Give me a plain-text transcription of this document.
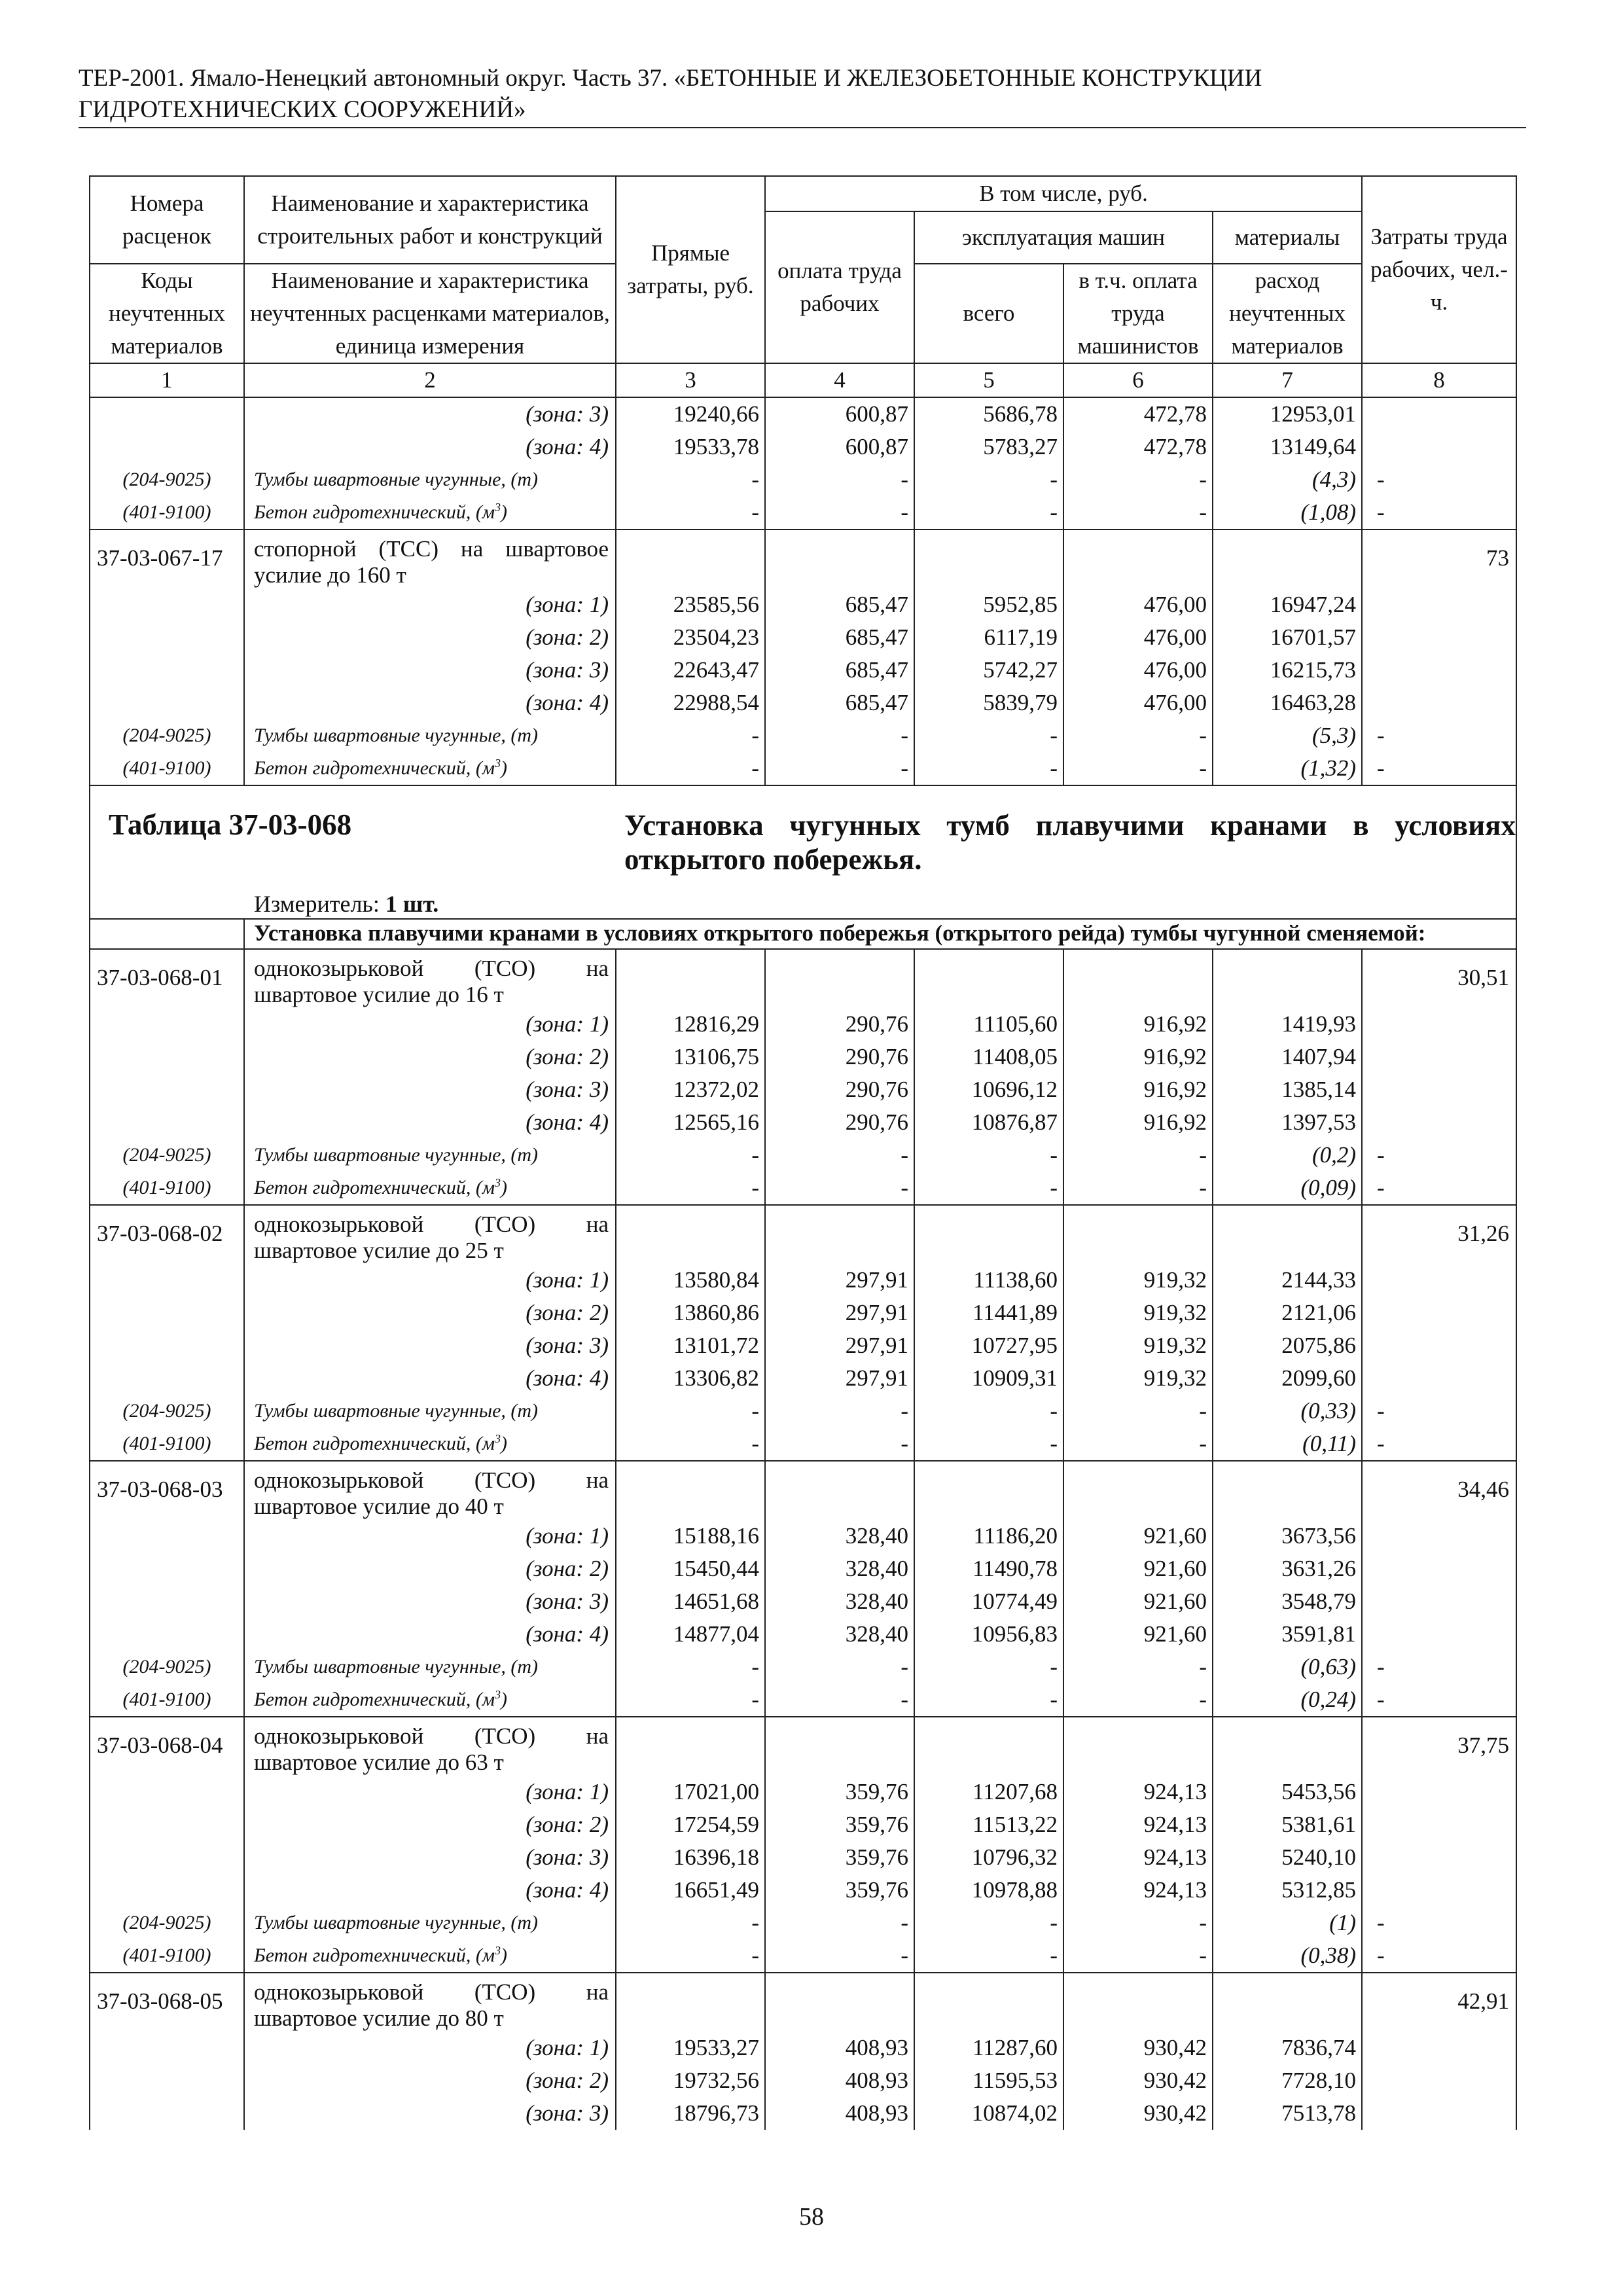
ТЕР-2001. Ямало-Ненецкий автономный округ. Часть 37. «БЕТОННЫЕ И ЖЕЛЕЗОБЕТОННЫЕ КОНСТРУКЦИИ
ГИДРОТЕХНИЧЕСКИХ СООРУЖЕНИЙ»
Номера расценок	Наименование и характеристика строительных работ и конструкций	Прямые затраты, руб.	В том числе, руб.				Затраты труда рабочих, чел.-ч.
			оплата труда рабочих	эксплуатация машин		материалы	
Коды неучтенных материалов	Наименование и характеристика неучтенных расценками материалов, единица измерения			всего	в т.ч. оплата труда машинистов	расход неучтенных материалов	
1	2	3	4	5	6	7	8
	(зона: 3)	19240,66	600,87	5686,78	472,78	12953,01	
	(зона: 4)	19533,78	600,87	5783,27	472,78	13149,64	
(204-9025)	Тумбы швартовные чугунные, (т)	-	-	-	-	(4,3)	-
(401-9100)	Бетон гидротехнический, $(м^3)$	-	-	-	-	(1,08)	-
37-03-067-17	стопорной (ТСС) на швартовое усилие до 160 т						73
	(зона: 1)	23585,56	685,47	5952,85	476,00	16947,24	
	(зона: 2)	23504,23	685,47	6117,19	476,00	16701,57	
	(зона: 3)	22643,47	685,47	5742,27	476,00	16215,73	
	(зона: 4)	22988,54	685,47	5839,79	476,00	16463,28	
(204-9025)	Тумбы швартовные чугунные, (т)	-	-	-	-	(5,3)	-
(401-9100)	Бетон гидротехнический, $(м^3)$	-	-	-	-	(1,32)	-

Таблица 37-03-068 Установка чугунных тумб плавучими кранами в условиях открытого побережья.
Измеритель: 1 шт.							

	Установка плавучими кранами в условиях открытого побережья (открытого рейда) тумбы чугунной сменяемой:						
37-03-068-01	однокозырьковой (ТСО) на швартовое усилие до 16 т						30,51
	(зона: 1)	12816,29	290,76	11105,60	916,92	1419,93	
	(зона: 2)	13106,75	290,76	11408,05	916,92	1407,94	
	(зона: 3)	12372,02	290,76	10696,12	916,92	1385,14	
	(зона: 4)	12565,16	290,76	10876,87	916,92	1397,53	
(204-9025)	Тумбы швартовные чугунные, (т)	-	-	-	-	(0,2)	-
(401-9100)	Бетон гидротехнический, $(м^3)$	-	-	-	-	(0,09)	-
37-03-068-02	однокозырьковой (ТСО) на швартовое усилие до 25 т						31,26
	(зона: 1)	13580,84	297,91	11138,60	919,32	2144,33	
	(зона: 2)	13860,86	297,91	11441,89	919,32	2121,06	
	(зона: 3)	13101,72	297,91	10727,95	919,32	2075,86	
	(зона: 4)	13306,82	297,91	10909,31	919,32	2099,60	
(204-9025)	Тумбы швартовные чугунные, (т)	-	-	-	-	(0,33)	-
(401-9100)	Бетон гидротехнический, $(м^3)$	-	-	-	-	(0,11)	-
37-03-068-03	однокозырьковой (ТСО) на швартовое усилие до 40 т						34,46
	(зона: 1)	15188,16	328,40	11186,20	921,60	3673,56	
	(зона: 2)	15450,44	328,40	11490,78	921,60	3631,26	
	(зона: 3)	14651,68	328,40	10774,49	921,60	3548,79	
	(зона: 4)	14877,04	328,40	10956,83	921,60	3591,81	
(204-9025)	Тумбы швартовные чугунные, (т)	-	-	-	-	(0,63)	-
(401-9100)	Бетон гидротехнический, $(м^3)$	-	-	-	-	(0,24)	-
37-03-068-04	однокозырьковой (ТСО) на швартовое усилие до 63 т						37,75
	(зона: 1)	17021,00	359,76	11207,68	924,13	5453,56	
	(зона: 2)	17254,59	359,76	11513,22	924,13	5381,61	
	(зона: 3)	16396,18	359,76	10796,32	924,13	5240,10	
	(зона: 4)	16651,49	359,76	10978,88	924,13	5312,85	
(204-9025)	Тумбы швартовные чугунные, (т)	-	-	-	-	(1)	-
(401-9100)	Бетон гидротехнический, $(м^3)$	-	-	-	-	(0,38)	-
37-03-068-05	однокозырьковой (ТСО) на швартовое усилие до 80 т						42,91
	(зона: 1)	19533,27	408,93	11287,60	930,42	7836,74	
	(зона: 2)	19732,56	408,93	11595,53	930,42	7728,10	
	(зона: 3)	18796,73	408,93	10874,02	930,42	7513,78	
58
